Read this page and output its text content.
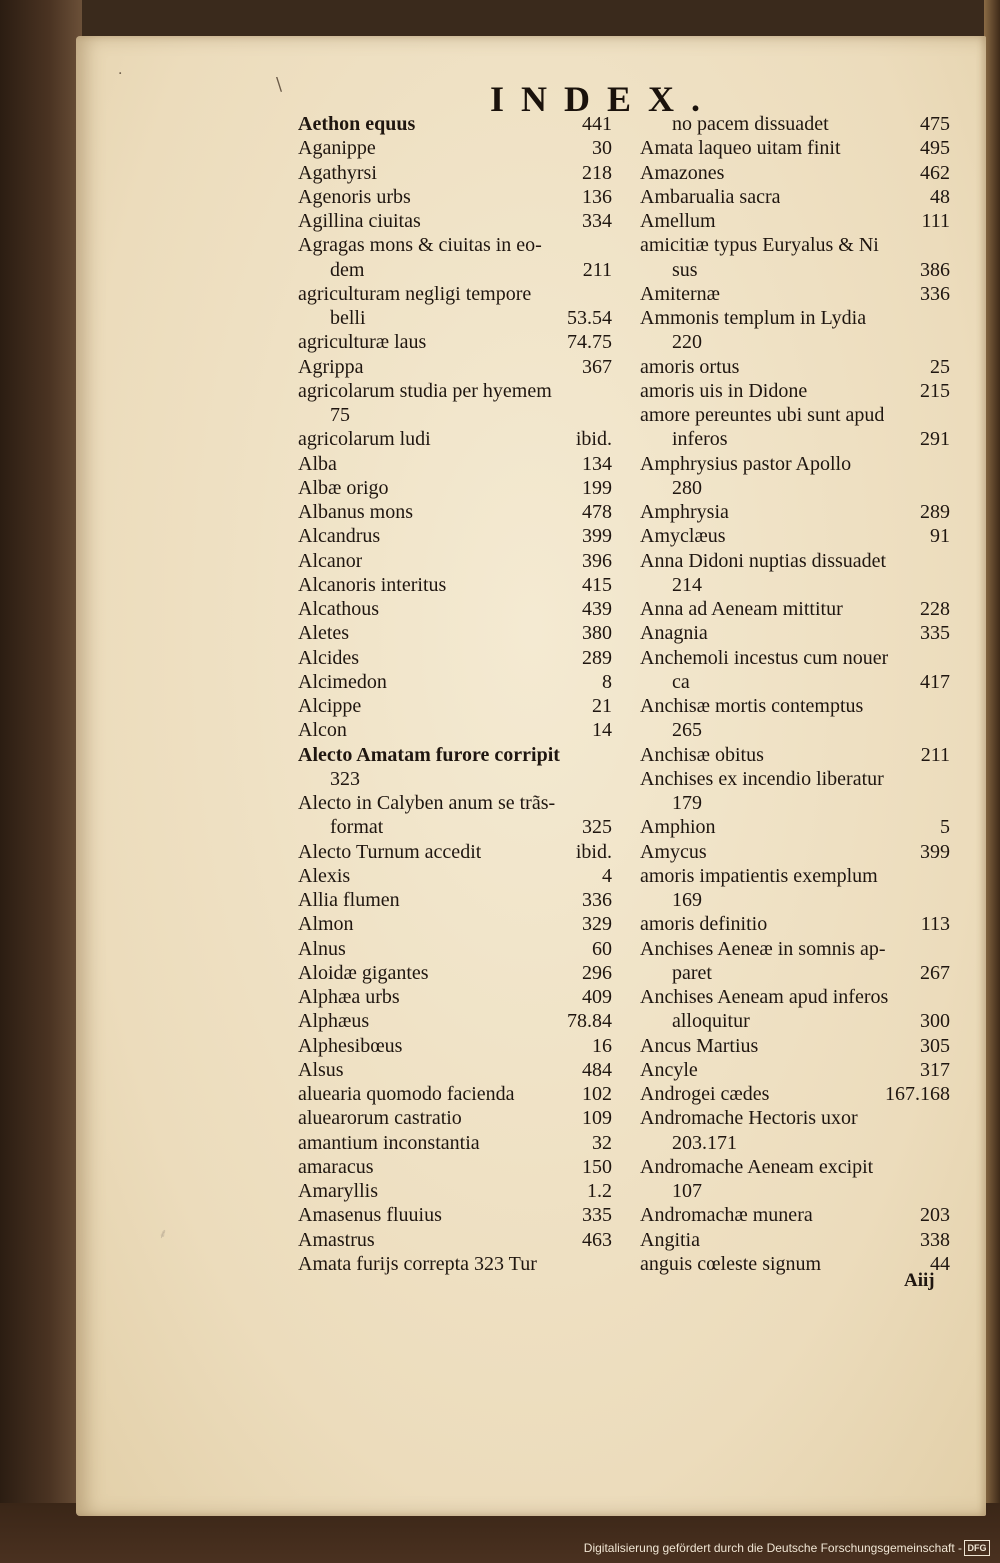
·	\
⸙
INDEX.
Aethon equus	441
Aganippe	30
Agathyrsi	218
Agenoris urbs	136
Agillina ciuitas	334
Agragas mons & ciuitas in eo-
dem	211
agriculturam negligi tempore
belli	53.54
agriculturæ laus	74.75
Agrippa	367
agricolarum studia per hyemem
75
agricolarum ludi	ibid.
Alba	134
Albæ origo	199
Albanus mons	478
Alcandrus	399
Alcanor	396
Alcanoris interitus	415
Alcathous	439
Aletes	380
Alcides	289
Alcimedon	8
Alcippe	21
Alcon	14
Alecto Amatam furore corripit
323
Alecto in Calyben anum se trãs-
format	325
Alecto Turnum accedit	ibid.
Alexis	4
Allia flumen	336
Almon	329
Alnus	60
Aloidæ gigantes	296
Alphæa urbs	409
Alphæus	78.84
Alphesibœus	16
Alsus	484
aluearia quomodo facienda	102
aluearorum castratio	109
amantium inconstantia	32
amaracus	150
Amaryllis	1.2
Amasenus fluuius	335
Amastrus	463
Amata furijs correpta 323 Tur
no pacem dissuadet	475
Amata laqueo uitam finit	495
Amazones	462
Ambarualia sacra	48
Amellum	111
amicitiæ typus Euryalus & Ni
sus	386
Amiternæ	336
Ammonis templum in Lydia
220
amoris ortus	25
amoris uis in Didone	215
amore pereuntes ubi sunt apud
inferos	291
Amphrysius pastor Apollo
280
Amphrysia	289
Amyclæus	91
Anna Didoni nuptias dissuadet
214
Anna ad Aeneam mittitur	228
Anagnia	335
Anchemoli incestus cum nouer
ca	417
Anchisæ mortis contemptus
265
Anchisæ obitus	211
Anchises ex incendio liberatur
179
Amphion	5
Amycus	399
amoris impatientis exemplum
169
amoris definitio	113
Anchises Aeneæ in somnis ap-
paret	267
Anchises Aeneam apud inferos
alloquitur	300
Ancus Martius	305
Ancyle	317
Androgei cædes	167.168
Andromache Hectoris uxor
203.171
Andromache Aeneam excipit
107
Andromachæ munera	203
Angitia	338
anguis cœleste signum	44
Aiij
Digitalisierung gefördert durch die Deutsche Forschungsgemeinschaft - DFG
